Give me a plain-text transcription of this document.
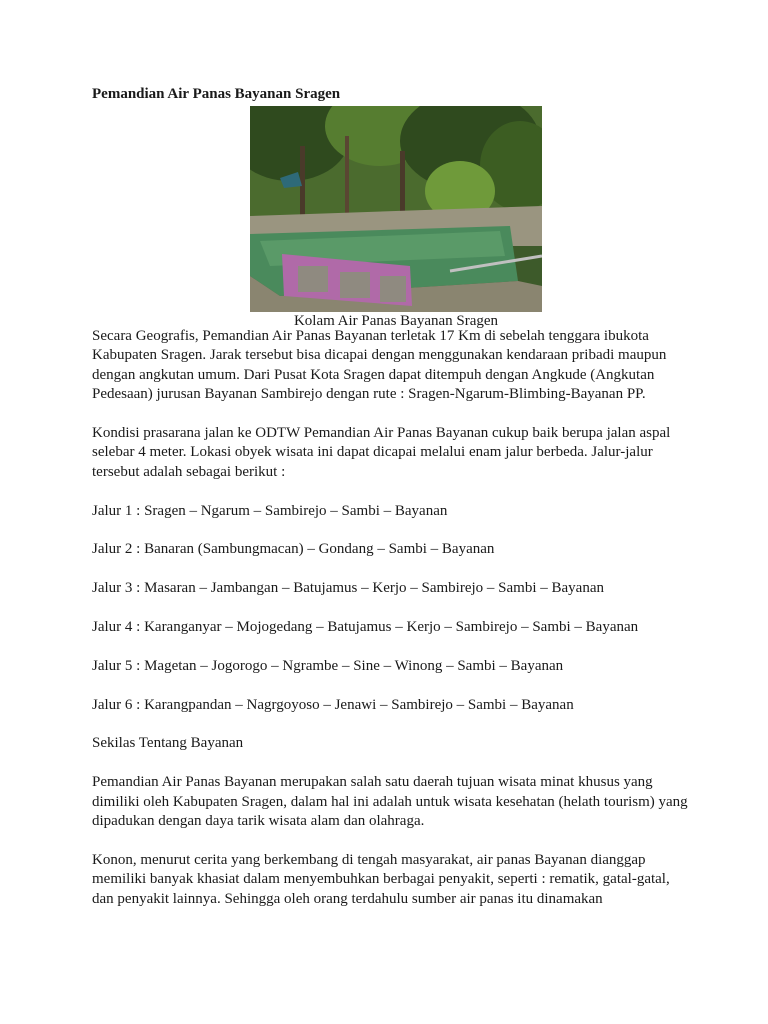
Pemandian Air Panas Bayanan Sragen
Kolam Air Panas Bayanan Sragen

Secara Geografis, Pemandian Air Panas Bayanan terletak 17 Km di sebelah tenggara ibukota Kabupaten Sragen. Jarak tersebut bisa dicapai dengan menggunakan kendaraan pribadi maupun dengan angkutan umum. Dari Pusat Kota Sragen dapat ditempuh dengan Angkude (Angkutan Pedesaan) jurusan Bayanan Sambirejo dengan rute : Sragen-Ngarum-Blimbing-Bayanan PP.

Kondisi prasarana jalan ke ODTW Pemandian Air Panas Bayanan cukup baik berupa jalan aspal selebar 4 meter. Lokasi obyek wisata ini dapat dicapai melalui enam jalur berbeda. Jalur-jalur tersebut adalah sebagai berikut :

Jalur 1 : Sragen – Ngarum – Sambirejo – Sambi – Bayanan

Jalur 2 : Banaran (Sambungmacan) – Gondang – Sambi – Bayanan

Jalur 3 : Masaran – Jambangan – Batujamus – Kerjo – Sambirejo – Sambi – Bayanan

Jalur 4 : Karanganyar – Mojogedang – Batujamus – Kerjo – Sambirejo – Sambi – Bayanan

Jalur 5 : Magetan – Jogorogo – Ngrambe – Sine – Winong – Sambi – Bayanan

Jalur 6 : Karangpandan – Nagrgoyoso – Jenawi – Sambirejo – Sambi – Bayanan

Sekilas Tentang Bayanan

Pemandian Air Panas Bayanan merupakan salah satu daerah tujuan wisata minat khusus yang dimiliki oleh Kabupaten Sragen, dalam hal ini adalah untuk wisata kesehatan (helath tourism) yang dipadukan dengan daya tarik wisata alam dan olahraga.

Konon, menurut cerita yang berkembang di tengah masyarakat, air panas Bayanan dianggap memiliki banyak khasiat dalam menyembuhkan berbagai penyakit, seperti : rematik, gatal-gatal, dan penyakit lainnya. Sehingga oleh orang terdahulu sumber air panas itu dinamakan
